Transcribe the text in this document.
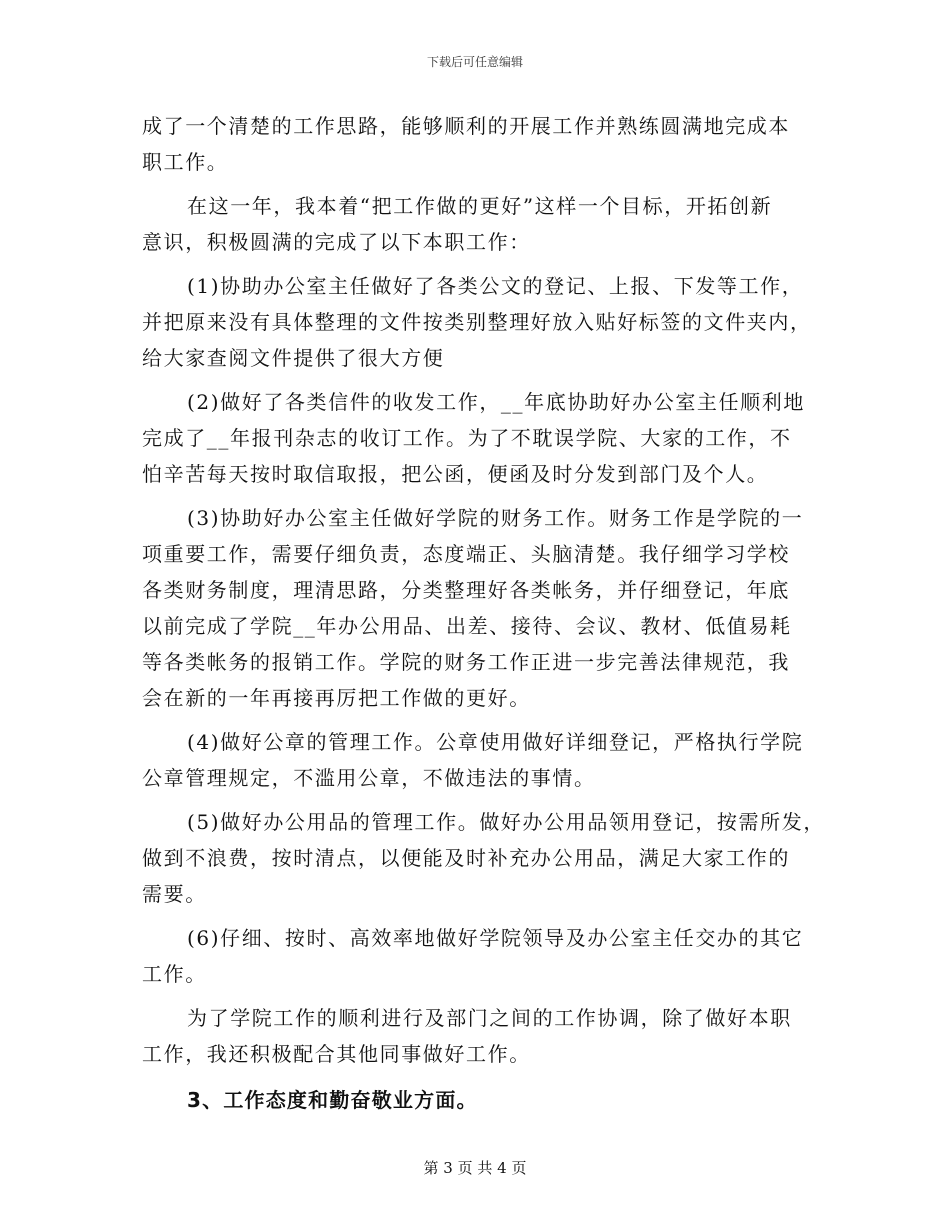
下载后可任意编辑
成了一个清楚的工作思路，能够顺利的开展工作并熟练圆满地完成本
职工作。
在这一年，我本着“把工作做的更好”这样一个目标，开拓创新
意识，积极圆满的完成了以下本职工作：
(1)协助办公室主任做好了各类公文的登记、上报、下发等工作，
并把原来没有具体整理的文件按类别整理好放入贴好标签的文件夹内，
给大家查阅文件提供了很大方便
(2)做好了各类信件的收发工作，__年底协助好办公室主任顺利地
完成了__年报刊杂志的收订工作。为了不耽误学院、大家的工作，不
怕辛苦每天按时取信取报，把公函，便函及时分发到部门及个人。
(3)协助好办公室主任做好学院的财务工作。财务工作是学院的一
项重要工作，需要仔细负责，态度端正、头脑清楚。我仔细学习学校
各类财务制度，理清思路，分类整理好各类帐务，并仔细登记，年底
以前完成了学院__年办公用品、出差、接待、会议、教材、低值易耗
等各类帐务的报销工作。学院的财务工作正进一步完善法律规范，我
会在新的一年再接再厉把工作做的更好。
(4)做好公章的管理工作。公章使用做好详细登记，严格执行学院
公章管理规定，不滥用公章，不做违法的事情。
(5)做好办公用品的管理工作。做好办公用品领用登记，按需所发，
做到不浪费，按时清点，以便能及时补充办公用品，满足大家工作的
需要。
(6)仔细、按时、高效率地做好学院领导及办公室主任交办的其它
工作。
为了学院工作的顺利进行及部门之间的工作协调，除了做好本职
工作，我还积极配合其他同事做好工作。
3、工作态度和勤奋敬业方面。
第 3 页 共 4 页
